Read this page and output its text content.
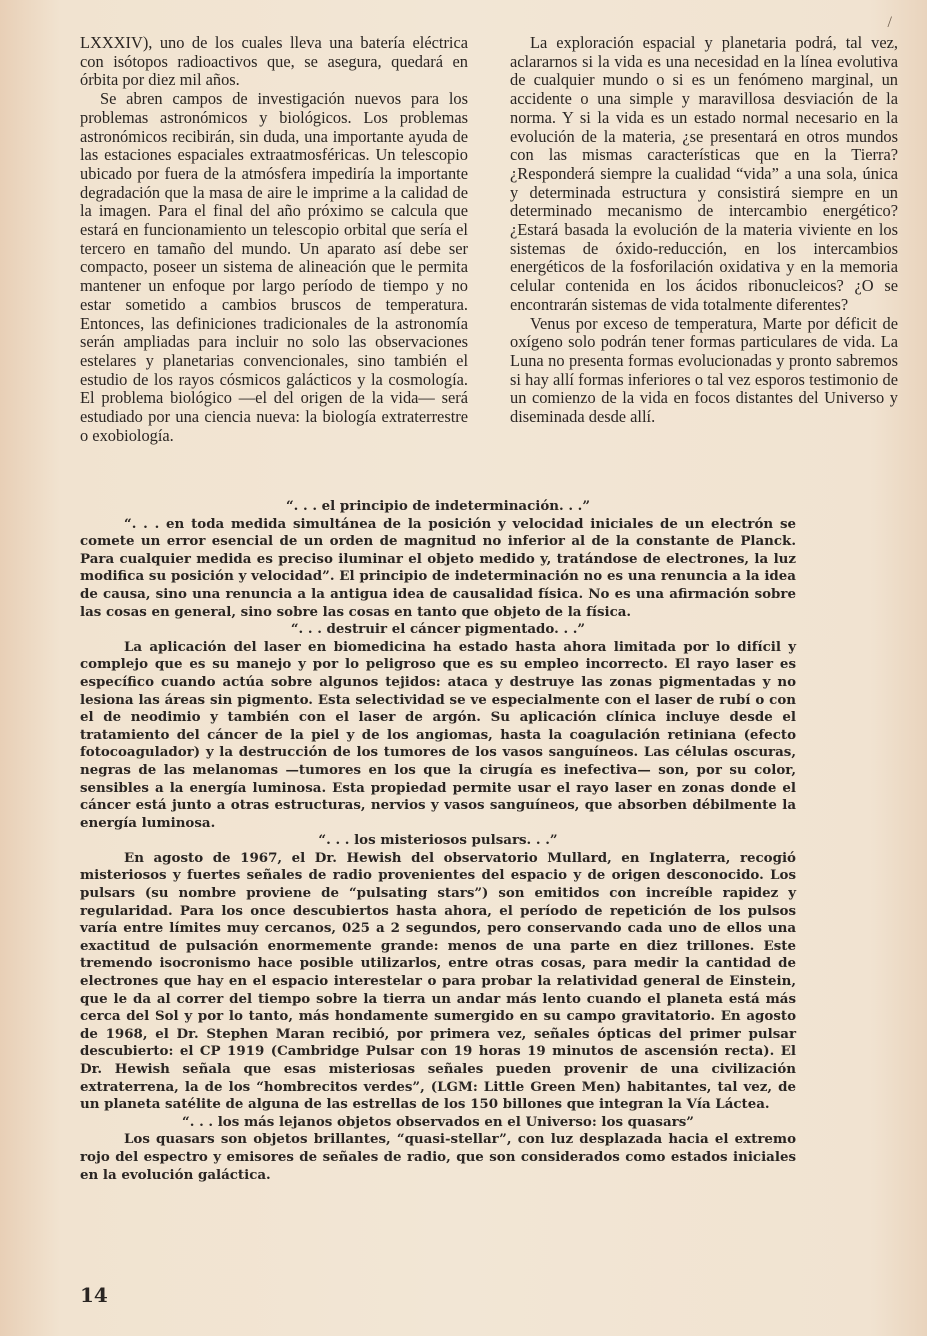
/

LXXXIV), uno de los cuales lleva una batería eléctrica con isótopos radioactivos que, se asegura, quedará en órbita por diez mil años.

Se abren campos de investigación nuevos para los problemas astronómicos y biológicos. Los problemas astronómicos recibirán, sin duda, una importante ayuda de las estaciones espaciales extraatmosféricas. Un telescopio ubicado por fuera de la atmósfera impediría la importante degradación que la masa de aire le imprime a la calidad de la imagen. Para el final del año próximo se calcula que estará en funcionamiento un telescopio orbital que sería el tercero en tamaño del mundo. Un aparato así debe ser compacto, poseer un sistema de alineación que le permita mantener un enfoque por largo período de tiempo y no estar sometido a cambios bruscos de temperatura. Entonces, las definiciones tradicionales de la astronomía serán ampliadas para incluir no solo las observaciones estelares y planetarias convencionales, sino también el estudio de los rayos cósmicos galácticos y la cosmología. El problema biológico —el del origen de la vida— será estudiado por una ciencia nueva: la biología extraterrestre o exobiología.

La exploración espacial y planetaria podrá, tal vez, aclararnos si la vida es una necesidad en la línea evolutiva de cualquier mundo o si es un fenómeno marginal, un accidente o una simple y maravillosa desviación de la norma. Y si la vida es un estado normal necesario en la evolución de la materia, ¿se presentará en otros mundos con las mismas características que en la Tierra? ¿Responderá siempre la cualidad “vida” a una sola, única y determinada estructura y consistirá siempre en un determinado mecanismo de intercambio energético? ¿Estará basada la evolución de la materia viviente en los sistemas de óxido-reducción, en los intercambios energéticos de la fosforilación oxidativa y en la memoria celular contenida en los ácidos ribonucleicos? ¿O se encontrarán sistemas de vida totalmente diferentes?

Venus por exceso de temperatura, Marte por déficit de oxígeno solo podrán tener formas particulares de vida. La Luna no presenta formas evolucionadas y pronto sabremos si hay allí formas inferiores o tal vez esporos testimonio de un comienzo de la vida en focos distantes del Universo y diseminada desde allí.

“. . . el principio de indeterminación. . .”

“. . . en toda medida simultánea de la posición y velocidad iniciales de un electrón se comete un error esencial de un orden de magnitud no inferior al de la constante de Planck. Para cualquier medida es preciso iluminar el objeto medido y, tratándose de electrones, la luz modifica su posición y velocidad”. El principio de indeterminación no es una renuncia a la idea de causa, sino una renuncia a la antigua idea de causalidad física. No es una afirmación sobre las cosas en general, sino sobre las cosas en tanto que objeto de la física.

“. . . destruir el cáncer pigmentado. . .”

La aplicación del laser en biomedicina ha estado hasta ahora limitada por lo difícil y complejo que es su manejo y por lo peligroso que es su empleo incorrecto. El rayo laser es específico cuando actúa sobre algunos tejidos: ataca y destruye las zonas pigmentadas y no lesiona las áreas sin pigmento. Esta selectividad se ve especialmente con el laser de rubí o con el de neodimio y también con el laser de argón. Su aplicación clínica incluye desde el tratamiento del cáncer de la piel y de los angiomas, hasta la coagulación retiniana (efecto fotocoagulador) y la destrucción de los tumores de los vasos sanguíneos. Las células oscuras, negras de las melanomas —tumores en los que la cirugía es inefectiva— son, por su color, sensibles a la energía luminosa. Esta propiedad permite usar el rayo laser en zonas donde el cáncer está junto a otras estructuras, nervios y vasos sanguíneos, que absorben débilmente la energía luminosa.

“. . . los misteriosos pulsars. . .”

En agosto de 1967, el Dr. Hewish del observatorio Mullard, en Inglaterra, recogió misteriosos y fuertes señales de radio provenientes del espacio y de origen desconocido. Los pulsars (su nombre proviene de “pulsating stars”) son emitidos con increíble rapidez y regularidad. Para los once descubiertos hasta ahora, el período de repetición de los pulsos varía entre límites muy cercanos, 025 a 2 segundos, pero conservando cada uno de ellos una exactitud de pulsación enormemente grande: menos de una parte en diez trillones. Este tremendo isocronismo hace posible utilizarlos, entre otras cosas, para medir la cantidad de electrones que hay en el espacio interestelar o para probar la relatividad general de Einstein, que le da al correr del tiempo sobre la tierra un andar más lento cuando el planeta está más cerca del Sol y por lo tanto, más hondamente sumergido en su campo gravitatorio. En agosto de 1968, el Dr. Stephen Maran recibió, por primera vez, señales ópticas del primer pulsar descubierto: el CP 1919 (Cambridge Pulsar con 19 horas 19 minutos de ascensión recta). El Dr. Hewish señala que esas misteriosas señales pueden provenir de una civilización extraterrena, la de los “hombrecitos verdes”, (LGM: Little Green Men) habitantes, tal vez, de un planeta satélite de alguna de las estrellas de los 150 billones que integran la Vía Láctea.

“. . . los más lejanos objetos observados en el Universo: los quasars”

Los quasars son objetos brillantes, “quasi-stellar”, con luz desplazada hacia el extremo rojo del espectro y emisores de señales de radio, que son considerados como estados iniciales en la evolución galáctica.

14
